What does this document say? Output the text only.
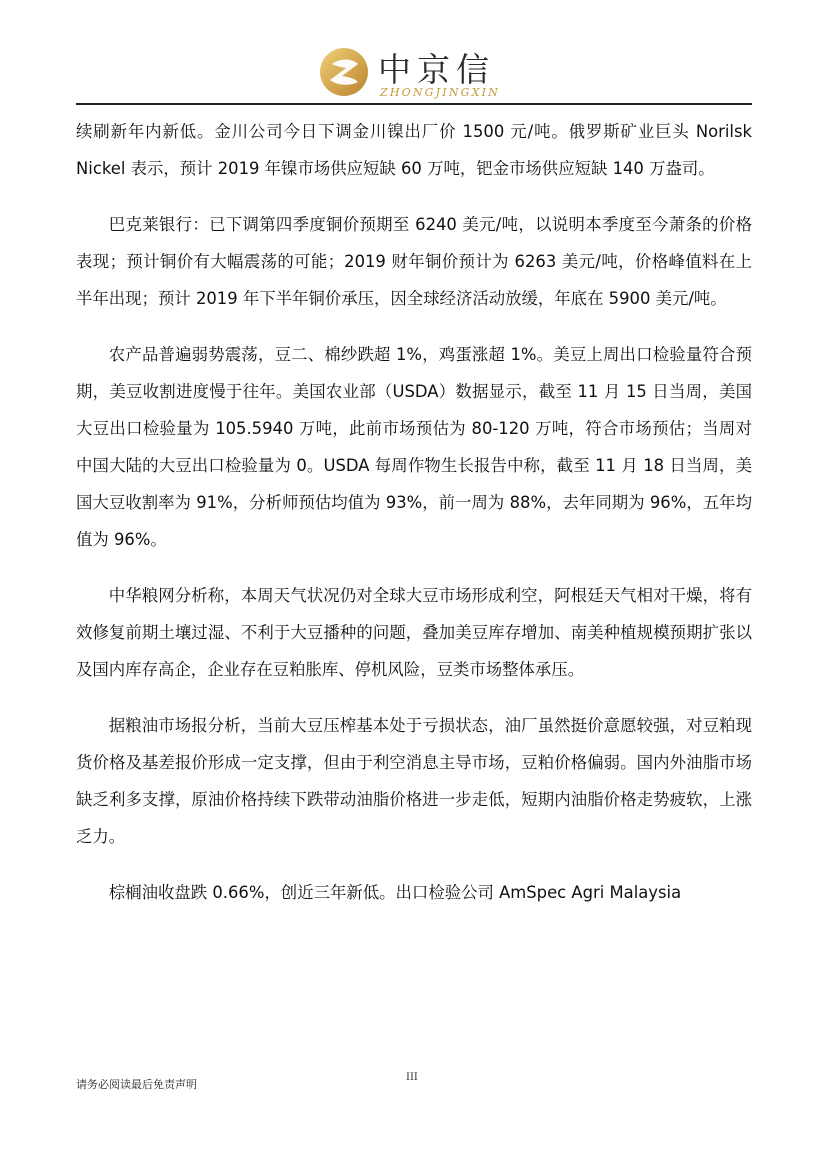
中京信
ZHONGJINGXIN

续刷新年内新低。金川公司今日下调金川镍出厂价 1500 元/吨。俄罗斯矿业巨头 Norilsk Nickel 表示，预计 2019 年镍市场供应短缺 60 万吨，钯金市场供应短缺 140 万盎司。

巴克莱银行：已下调第四季度铜价预期至 6240 美元/吨，以说明本季度至今萧条的价格表现；预计铜价有大幅震荡的可能；2019 财年铜价预计为 6263 美元/吨，价格峰值料在上半年出现；预计 2019 年下半年铜价承压，因全球经济活动放缓，年底在 5900 美元/吨。

农产品普遍弱势震荡，豆二、棉纱跌超 1%，鸡蛋涨超 1%。美豆上周出口检验量符合预期，美豆收割进度慢于往年。美国农业部（USDA）数据显示，截至 11 月 15 日当周，美国大豆出口检验量为 105.5940 万吨，此前市场预估为 80-120 万吨，符合市场预估；当周对中国大陆的大豆出口检验量为 0。USDA 每周作物生长报告中称，截至 11 月 18 日当周，美国大豆收割率为 91%，分析师预估均值为 93%，前一周为 88%，去年同期为 96%，五年均值为 96%。

中华粮网分析称，本周天气状况仍对全球大豆市场形成利空，阿根廷天气相对干燥，将有效修复前期土壤过湿、不利于大豆播种的问题，叠加美豆库存增加、南美种植规模预期扩张以及国内库存高企，企业存在豆粕胀库、停机风险，豆类市场整体承压。

据粮油市场报分析，当前大豆压榨基本处于亏损状态，油厂虽然挺价意愿较强，对豆粕现货价格及基差报价形成一定支撑，但由于利空消息主导市场，豆粕价格偏弱。国内外油脂市场缺乏利多支撑，原油价格持续下跌带动油脂价格进一步走低，短期内油脂价格走势疲软，上涨乏力。

棕榈油收盘跌 0.66%，创近三年新低。出口检验公司 AmSpec Agri Malaysia

请务必阅读最后免责声明
III
